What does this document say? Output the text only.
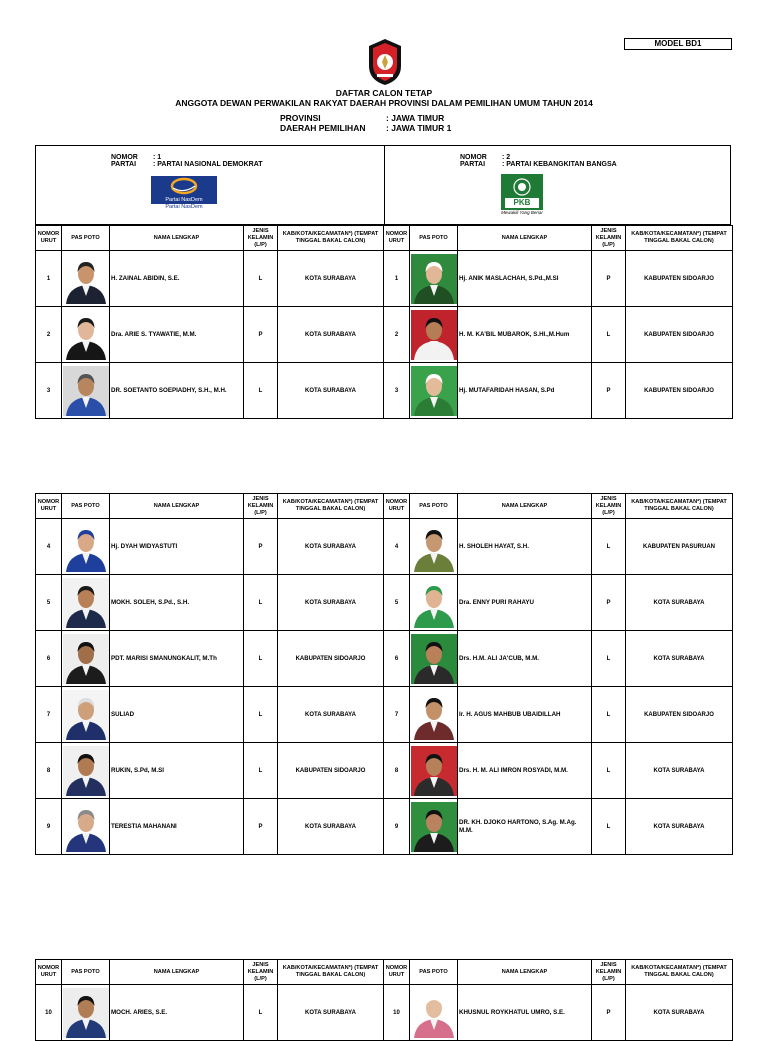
MODEL BD1
DAFTAR CALON TETAP
ANGGOTA DEWAN PERWAKILAN RAKYAT DAERAH PROVINSI DALAM PEMILIHAN UMUM TAHUN 2014
PROVINSI	: JAWA TIMUR
DAERAH PEMILIHAN : JAWA TIMUR 1
NOMOR : 1
PARTAI : PARTAI NASIONAL DEMOKRAT
Partai NasDem
Partai NasDem
NOMOR : 2
PARTAI : PARTAI KEBANGKITAN BANGSA
PKB
Mewakili Yang Benar
NOMOR URUT	PAS POTO	NAMA LENGKAP	JENIS KELAMIN (L/P)	KAB/KOTA/KECAMATAN*) (TEMPAT TINGGAL BAKAL CALON)	NOMOR URUT	PAS POTO	NAMA LENGKAP	JENIS KELAMIN (L/P)	KAB/KOTA/KECAMATAN*) (TEMPAT TINGGAL BAKAL CALON)
1		H. ZAINAL ABIDIN, S.E.	L	KOTA SURABAYA	1		Hj. ANIK MASLACHAH, S.Pd.,M.SI	P	KABUPATEN SIDOARJO
2		Dra. ARIE S. TYAWATIE, M.M.	P	KOTA SURABAYA	2		H. M. KA'BIL MUBAROK, S.HI.,M.Hum	L	KABUPATEN SIDOARJO
3		DR. SOETANTO SOEPIADHY, S.H., M.H.	L	KOTA SURABAYA	3		Hj. MUTAFARIDAH HASAN, S.Pd	P	KABUPATEN SIDOARJO
NOMOR URUT	PAS POTO	NAMA LENGKAP	JENIS KELAMIN (L/P)	KAB/KOTA/KECAMATAN*) (TEMPAT TINGGAL BAKAL CALON)	NOMOR URUT	PAS POTO	NAMA LENGKAP	JENIS KELAMIN (L/P)	KAB/KOTA/KECAMATAN*) (TEMPAT TINGGAL BAKAL CALON)
4		Hj. DYAH WIDYASTUTI	P	KOTA SURABAYA	4		H. SHOLEH HAYAT, S.H.	L	KABUPATEN PASURUAN
5		MOKH. SOLEH, S.Pd., S.H.	L	KOTA SURABAYA	5		Dra. ENNY PURI RAHAYU	P	KOTA SURABAYA
6		PDT. MARISI SMANUNGKALIT, M.Th	L	KABUPATEN SIDOARJO	6		Drs. H.M. ALI JA'CUB, M.M.	L	KOTA SURABAYA
7		SULIAD	L	KOTA SURABAYA	7		Ir. H. AGUS MAHBUB UBAIDILLAH	L	KABUPATEN SIDOARJO
8		RUKIN, S.Pd, M.SI	L	KABUPATEN SIDOARJO	8		Drs. H. M. ALI IMRON ROSYADI, M.M.	L	KOTA SURABAYA
9		TERESTIA MAHANANI	P	KOTA SURABAYA	9		DR. KH. DJOKO HARTONO, S.Ag. M.Ag. M.M.	L	KOTA SURABAYA
NOMOR URUT	PAS POTO	NAMA LENGKAP	JENIS KELAMIN (L/P)	KAB/KOTA/KECAMATAN*) (TEMPAT TINGGAL BAKAL CALON)	NOMOR URUT	PAS POTO	NAMA LENGKAP	JENIS KELAMIN (L/P)	KAB/KOTA/KECAMATAN*) (TEMPAT TINGGAL BAKAL CALON)
10		MOCH. ARIES, S.E.	L	KOTA SURABAYA	10		KHUSNUL ROYKHATUL UMRO, S.E.	P	KOTA SURABAYA
